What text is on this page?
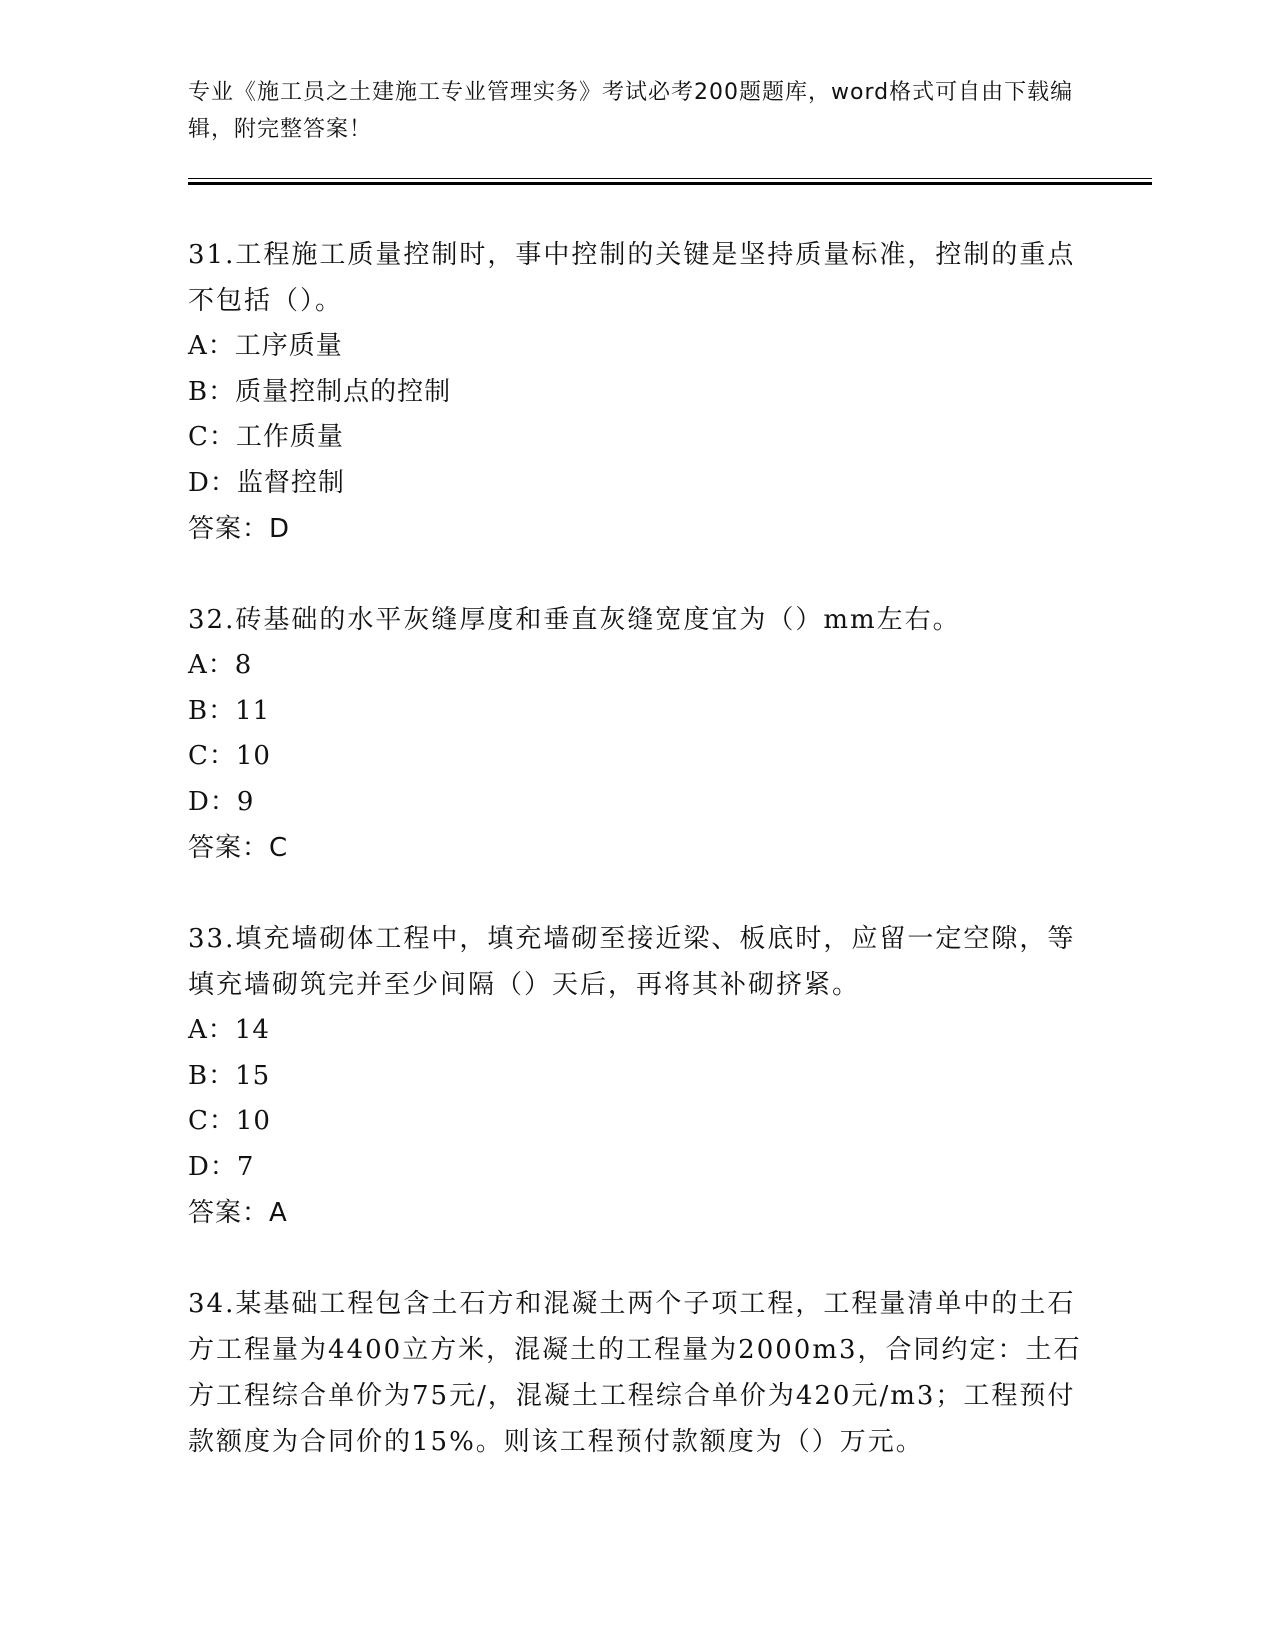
专业《施工员之土建施工专业管理实务》考试必考200题题库，word格式可自由下载编辑，附完整答案！
31.工程施工质量控制时，事中控制的关键是坚持质量标准，控制的重点不包括（）。
A：工序质量
B：质量控制点的控制
C：工作质量
D：监督控制
答案：D
32.砖基础的水平灰缝厚度和垂直灰缝宽度宜为（）mm左右。
A：8
B：11
C：10
D：9
答案：C
33.填充墙砌体工程中，填充墙砌至接近梁、板底时，应留一定空隙，等填充墙砌筑完并至少间隔（）天后，再将其补砌挤紧。
A：14
B：15
C：10
D：7
答案：A
34.某基础工程包含土石方和混凝土两个子项工程，工程量清单中的土石方工程量为4400立方米，混凝土的工程量为2000m3，合同约定：土石方工程综合单价为75元/，混凝土工程综合单价为420元/m3；工程预付款额度为合同价的15%。则该工程预付款额度为（）万元。
